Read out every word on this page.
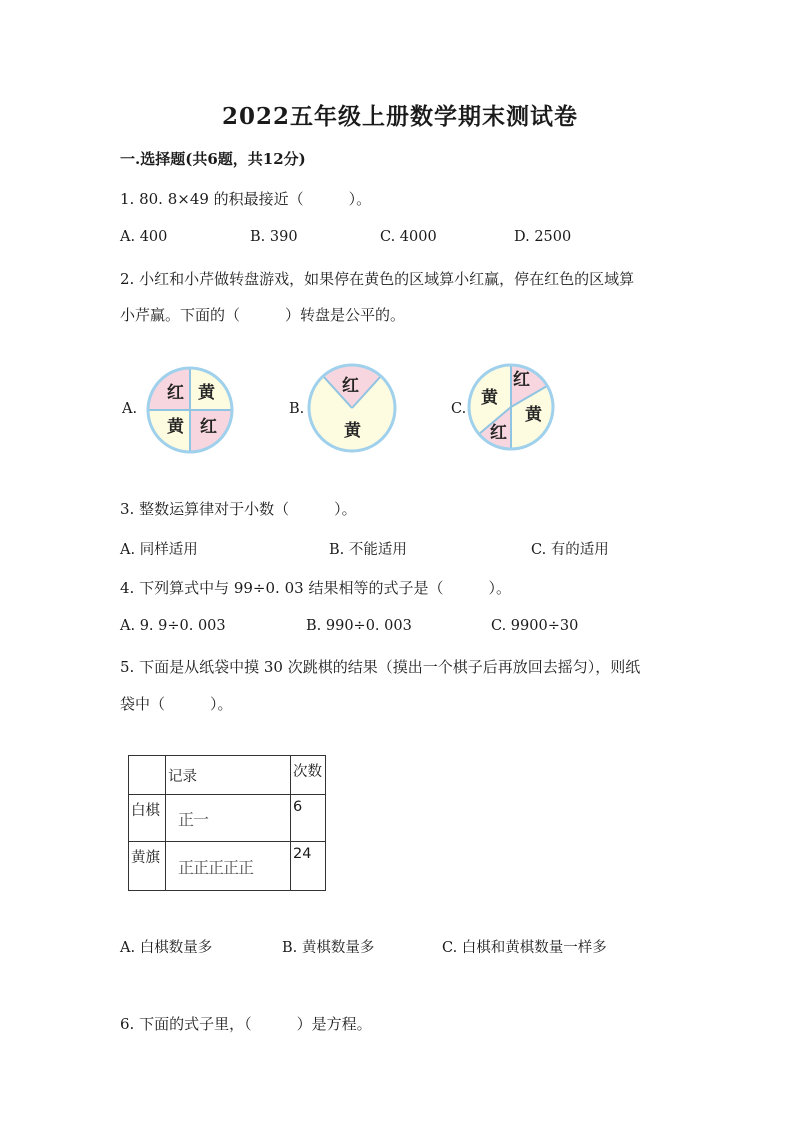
2022五年级上册数学期末测试卷
一.选择题(共6题，共12分)
1. 80. 8×49 的积最接近（　　　）。
A. 400	B. 390	C. 4000	D. 2500
2. 小红和小芹做转盘游戏，如果停在黄色的区域算小红赢，停在红色的区域算
小芹赢。下面的（　　　）转盘是公平的。
A.
红 黄
黄 红
B.
红
黄
C.
红
黄
黄
红
3. 整数运算律对于小数（　　　）。
A. 同样适用	B. 不能适用	C. 有的适用
4. 下列算式中与 99÷0. 03 结果相等的式子是（　　　）。
A. 9. 9÷0. 003	B. 990÷0. 003	C. 9900÷30
5. 下面是从纸袋中摸 30 次跳棋的结果（摸出一个棋子后再放回去摇匀），则纸
袋中（　　　）。
	记录	次数
白棋	正一	6
黄旗	正正正正正	24
A. 白棋数量多	B. 黄棋数量多	C. 白棋和黄棋数量一样多
6. 下面的式子里，（　　　）是方程。
